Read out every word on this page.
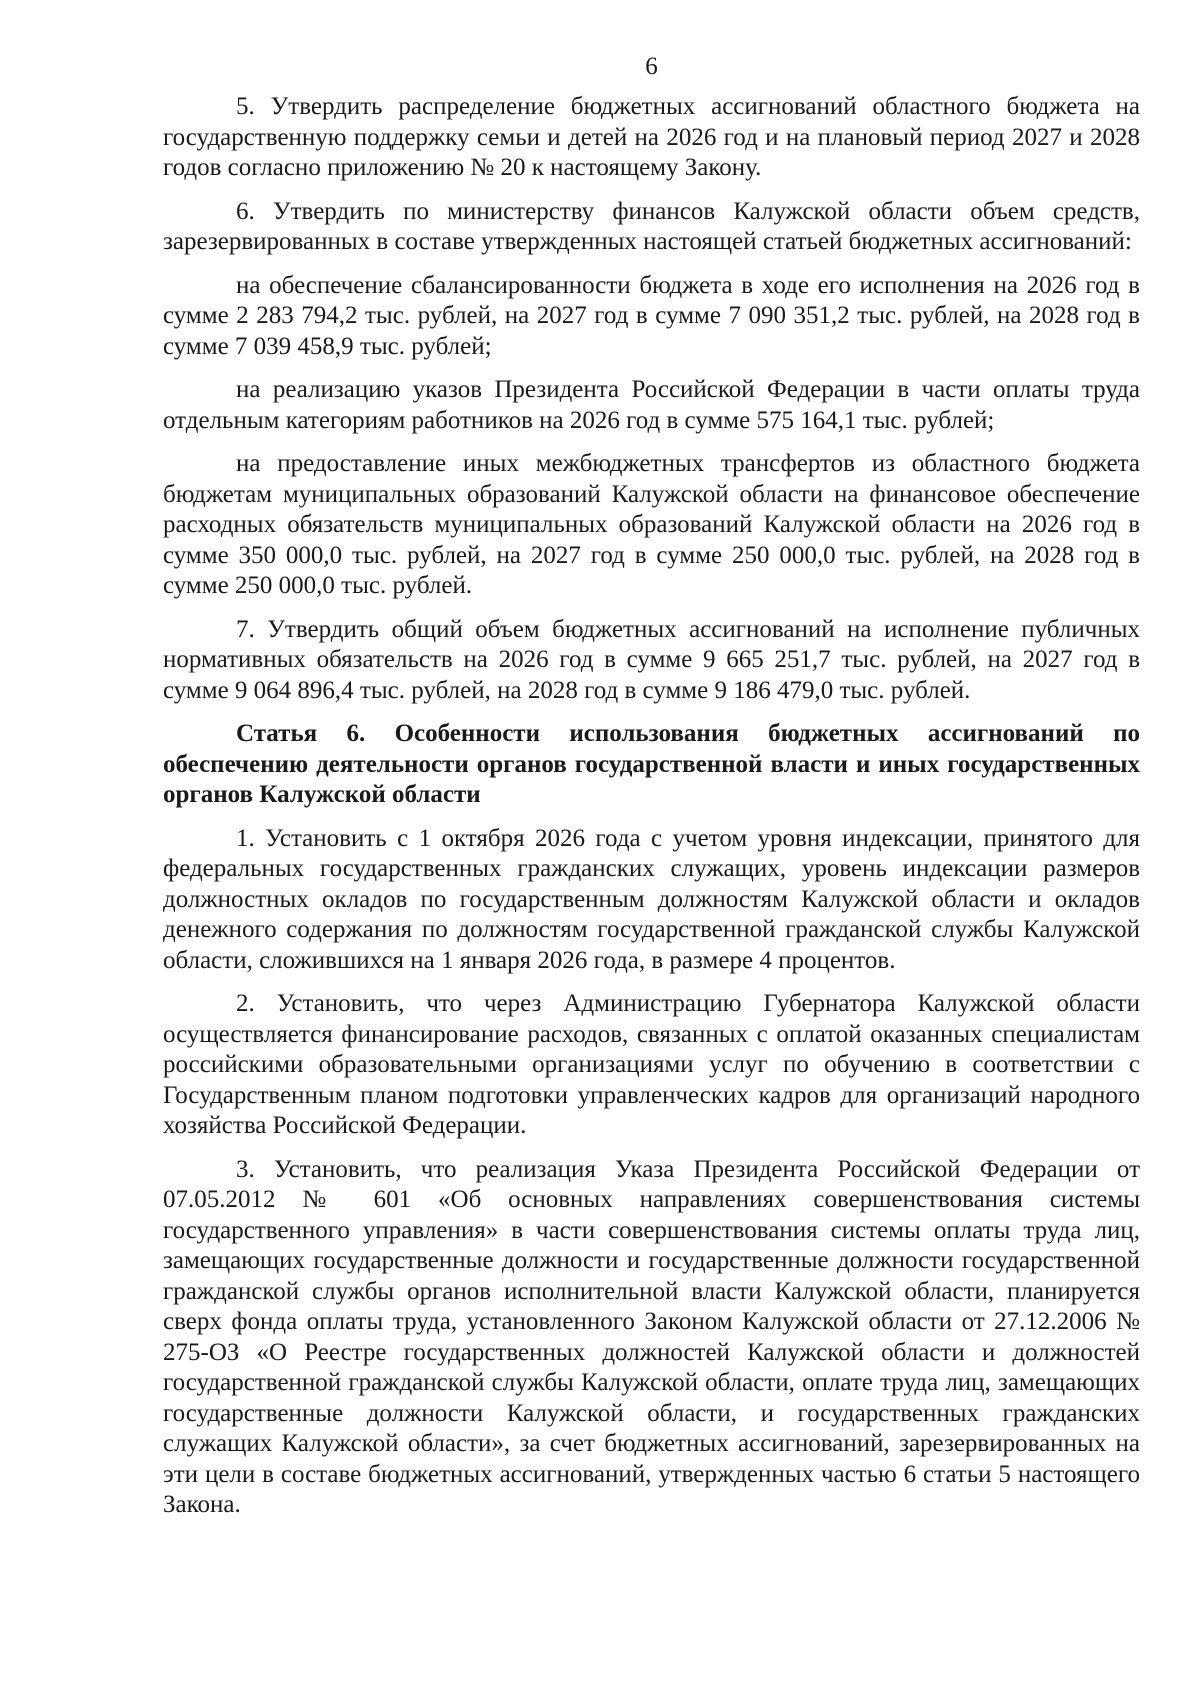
6

5. Утвердить распределение бюджетных ассигнований областного бюджета на государственную поддержку семьи и детей на 2026 год и на плановый период 2027 и 2028 годов согласно приложению № 20 к настоящему Закону.

6. Утвердить по министерству финансов Калужской области объем средств, зарезервированных в составе утвержденных настоящей статьей бюджетных ассигнований:

на обеспечение сбалансированности бюджета в ходе его исполнения на 2026 год в сумме 2 283 794,2 тыс. рублей, на 2027 год в сумме 7 090 351,2 тыс. рублей, на 2028 год в сумме 7 039 458,9 тыс. рублей;

на реализацию указов Президента Российской Федерации в части оплаты труда отдельным категориям работников на 2026 год в сумме 575 164,1 тыс. рублей;

на предоставление иных межбюджетных трансфертов из областного бюджета бюджетам муниципальных образований Калужской области на финансовое обеспечение расходных обязательств муниципальных образований Калужской области на 2026 год в сумме 350 000,0 тыс. рублей, на 2027 год в сумме 250 000,0 тыс. рублей, на 2028 год в сумме 250 000,0 тыс. рублей.

7. Утвердить общий объем бюджетных ассигнований на исполнение публичных нормативных обязательств на 2026 год в сумме 9 665 251,7 тыс. рублей, на 2027 год в сумме 9 064 896,4 тыс. рублей, на 2028 год в сумме 9 186 479,0 тыс. рублей.

Статья 6. Особенности использования бюджетных ассигнований по обеспечению деятельности органов государственной власти и иных государственных органов Калужской области

1. Установить с 1 октября 2026 года с учетом уровня индексации, принятого для федеральных государственных гражданских служащих, уровень индексации размеров должностных окладов по государственным должностям Калужской области и окладов денежного содержания по должностям государственной гражданской службы Калужской области, сложившихся на 1 января 2026 года, в размере 4 процентов.

2. Установить, что через Администрацию Губернатора Калужской области осуществляется финансирование расходов, связанных с оплатой оказанных специалистам российскими образовательными организациями услуг по обучению в соответствии с Государственным планом подготовки управленческих кадров для организаций народного хозяйства Российской Федерации.

3. Установить, что реализация Указа Президента Российской Федерации от 07.05.2012 № 601 «Об основных направлениях совершенствования системы государственного управления» в части совершенствования системы оплаты труда лиц, замещающих государственные должности и государственные должности государственной гражданской службы органов исполнительной власти Калужской области, планируется сверх фонда оплаты труда, установленного Законом Калужской области от 27.12.2006 № 275-ОЗ «О Реестре государственных должностей Калужской области и должностей государственной гражданской службы Калужской области, оплате труда лиц, замещающих государственные должности Калужской области, и государственных гражданских служащих Калужской области», за счет бюджетных ассигнований, зарезервированных на эти цели в составе бюджетных ассигнований, утвержденных частью 6 статьи 5 настоящего Закона.
